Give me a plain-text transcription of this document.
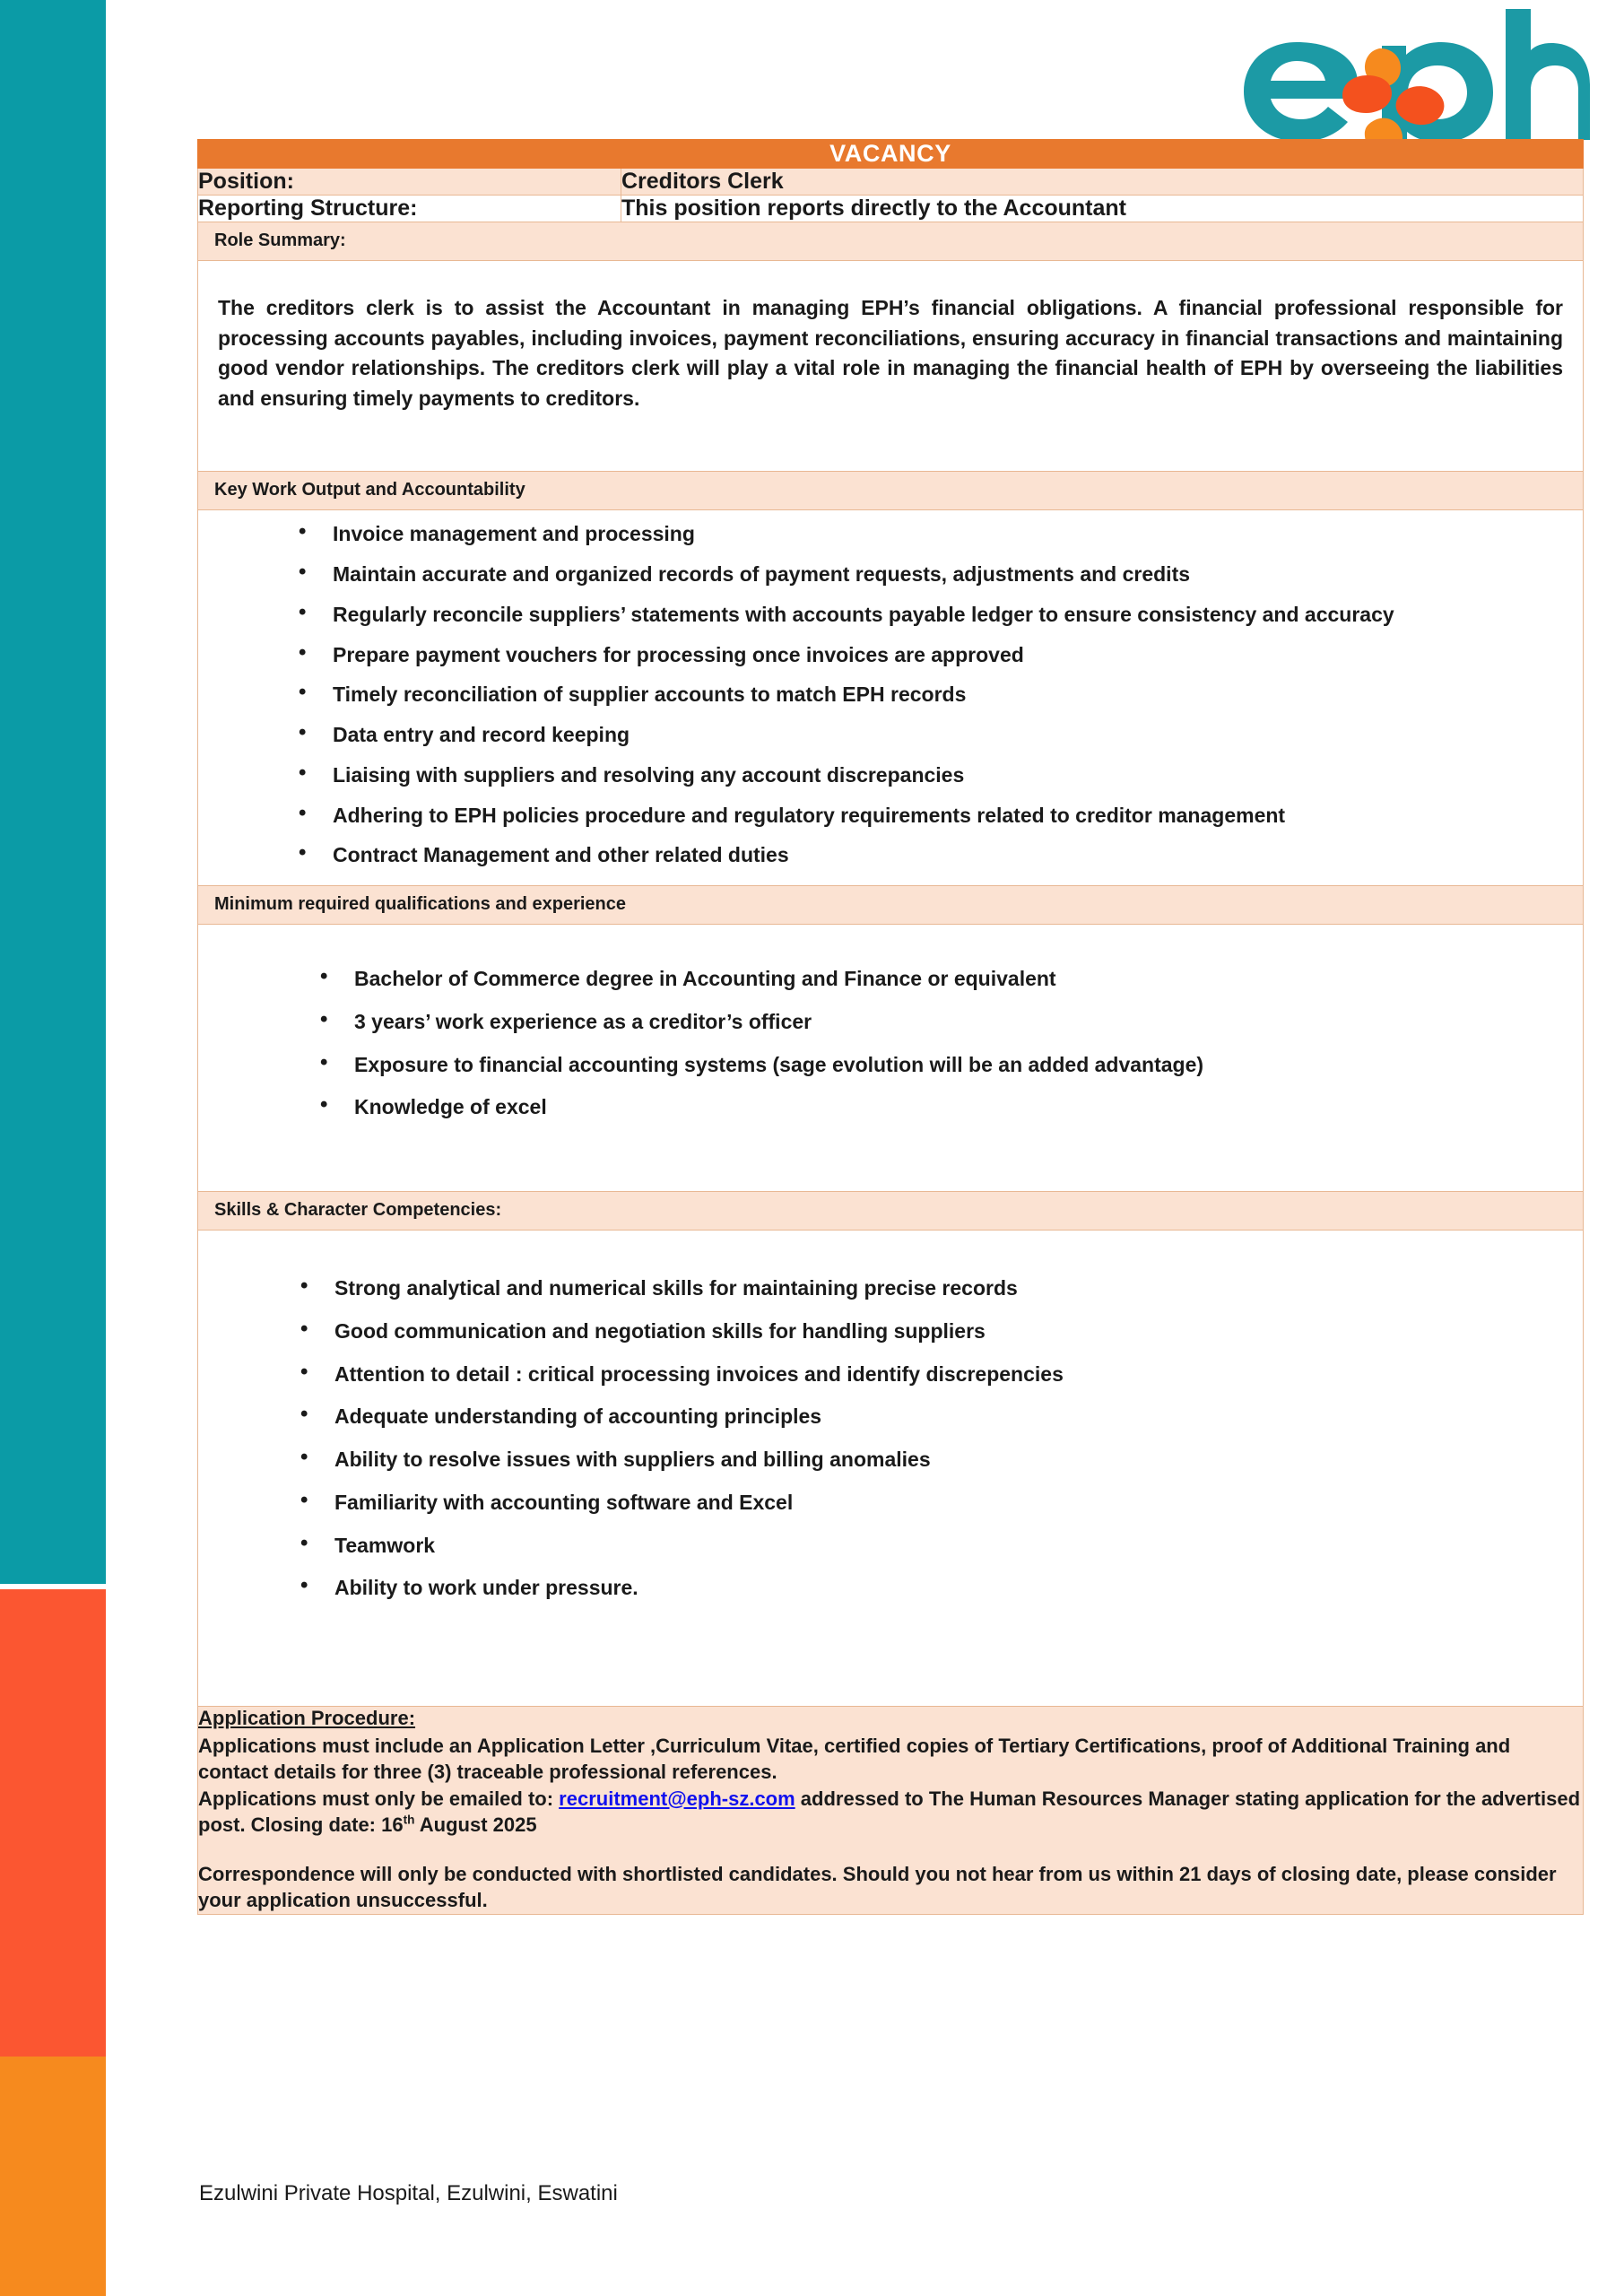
VACANCY	
Position:	Creditors Clerk
Reporting Structure:	This position reports directly to the Accountant
Role Summary:	

The creditors clerk is to assist the Accountant in managing EPH’s financial obligations. A financial professional responsible for processing accounts payables, including invoices, payment reconciliations, ensuring accuracy in financial transactions and maintaining good vendor relationships. The creditors clerk will play a vital role in managing the financial health of EPH by overseeing the liabilities and ensuring timely payments to creditors.	

Key Work Output and Accountability	

• Invoice management and processing
• Maintain accurate and organized records of payment requests, adjustments and credits
• Regularly reconcile suppliers’ statements with accounts payable ledger to ensure consistency and accuracy
• Prepare payment vouchers for processing once invoices are approved
• Timely reconciliation of supplier accounts to match EPH records
• Data entry and record keeping
• Liaising with suppliers and resolving any account discrepancies
• Adhering to EPH policies procedure and regulatory requirements related to creditor management
• Contract Management and other related duties

Minimum required qualifications and experience	

• Bachelor of Commerce degree in Accounting and Finance or equivalent
• 3 years’ work experience as a creditor’s officer
• Exposure to financial accounting systems (sage evolution will be an added advantage)
• Knowledge of excel

Skills & Character Competencies:	

• Strong analytical and numerical skills for maintaining precise records
• Good communication and negotiation skills for handling suppliers
• Attention to detail : critical processing invoices and identify discrepencies
• Adequate understanding of accounting principles
• Ability to resolve issues with suppliers and billing anomalies
• Familiarity with accounting software and Excel
• Teamwork
• Ability to work under pressure.

Application Procedure:
Applications must include an Application Letter ,Curriculum Vitae, certified copies of Tertiary Certifications, proof of Additional Training and contact details for three (3) traceable professional references.
Applications must only be emailed to: recruitment@eph-sz.com addressed to The Human Resources Manager stating application for the advertised post. Closing date: 16th August 2025
Correspondence will only be conducted with shortlisted candidates. Should you not hear from us within 21 days of closing date, please consider your application unsuccessful.	
Ezulwini Private Hospital, Ezulwini, Eswatini
